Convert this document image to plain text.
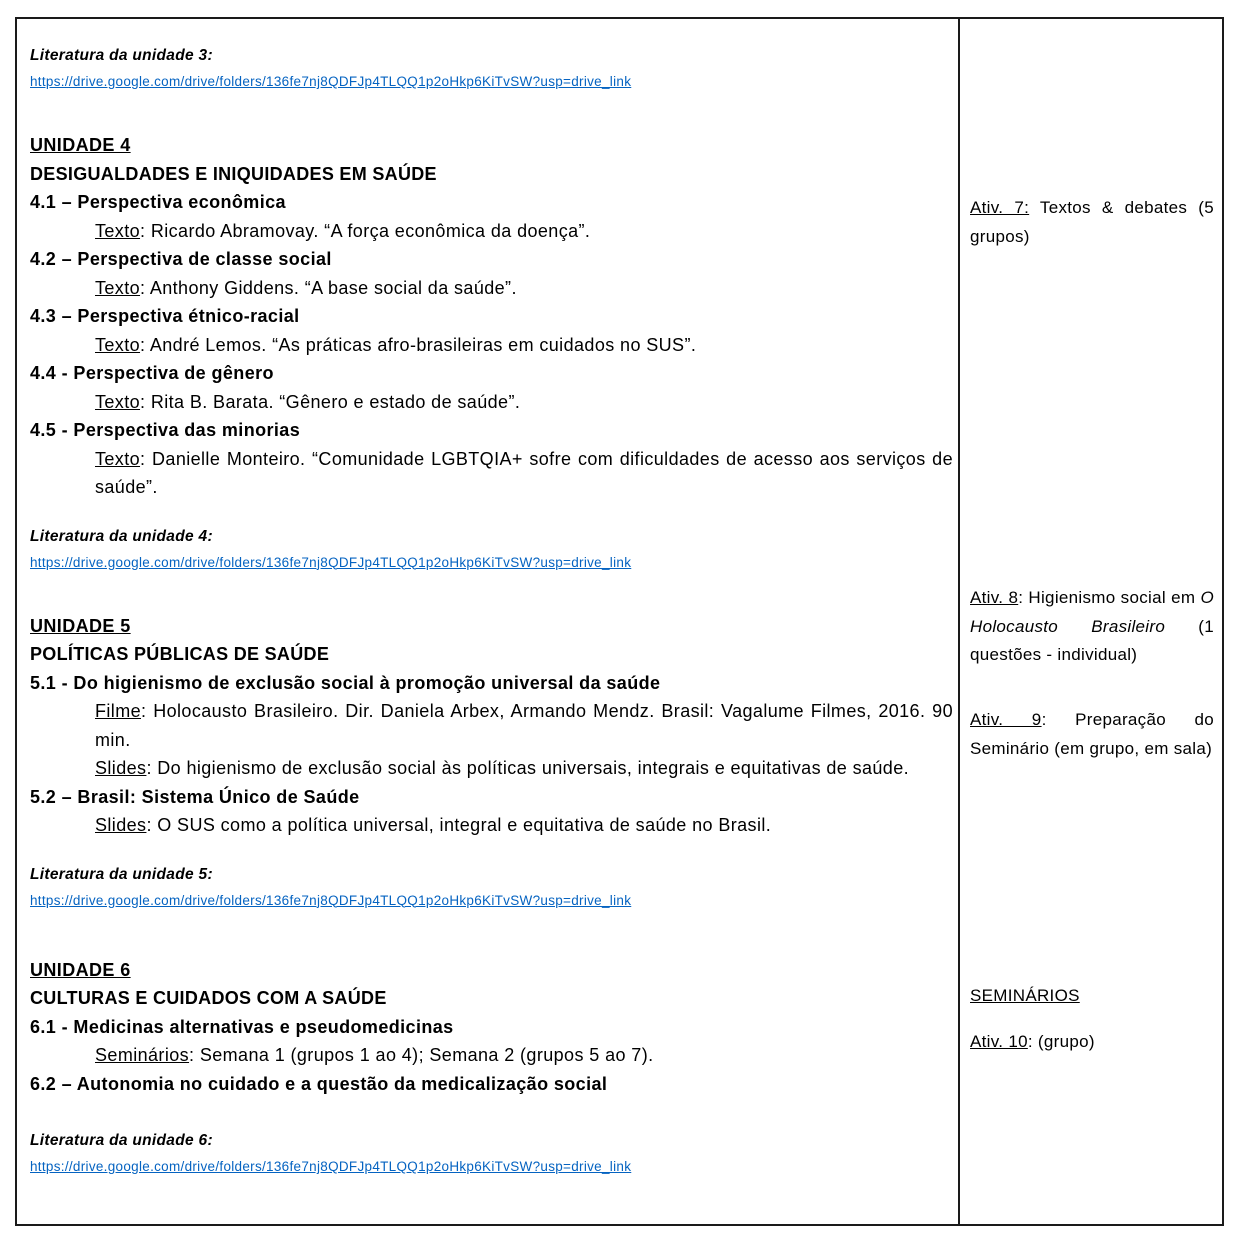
Literatura da unidade 3:

https://drive.google.com/drive/folders/136fe7nj8QDFJp4TLQQ1p2oHkp6KiTvSW?usp=drive_link

UNIDADE 4

DESIGUALDADES E INIQUIDADES EM SAÚDE

4.1 – Perspectiva econômica

Texto: Ricardo Abramovay. “A força econômica da doença”.

4.2 – Perspectiva de classe social

Texto: Anthony Giddens. “A base social da saúde”.

4.3 – Perspectiva étnico-racial

Texto: André Lemos. “As práticas afro-brasileiras em cuidados no SUS”.

4.4 - Perspectiva de gênero

Texto: Rita B. Barata. “Gênero e estado de saúde”.

4.5 - Perspectiva das minorias

Texto: Danielle Monteiro. “Comunidade LGBTQIA+ sofre com dificuldades de acesso aos serviços de saúde”.

Literatura da unidade 4:

https://drive.google.com/drive/folders/136fe7nj8QDFJp4TLQQ1p2oHkp6KiTvSW?usp=drive_link

UNIDADE 5

POLÍTICAS PÚBLICAS DE SAÚDE

5.1 - Do higienismo de exclusão social à promoção universal da saúde

Filme: Holocausto Brasileiro. Dir. Daniela Arbex, Armando Mendz. Brasil: Vagalume Filmes, 2016. 90 min.

Slides: Do higienismo de exclusão social às políticas universais, integrais e equitativas de saúde.

5.2 – Brasil: Sistema Único de Saúde

Slides: O SUS como a política universal, integral e equitativa de saúde no Brasil.

Literatura da unidade 5:

https://drive.google.com/drive/folders/136fe7nj8QDFJp4TLQQ1p2oHkp6KiTvSW?usp=drive_link

UNIDADE 6

CULTURAS E CUIDADOS COM A SAÚDE

6.1 - Medicinas alternativas e pseudomedicinas

Seminários: Semana 1 (grupos 1 ao 4); Semana 2 (grupos 5 ao 7).

6.2 – Autonomia no cuidado e a questão da medicalização social

Literatura da unidade 6:

https://drive.google.com/drive/folders/136fe7nj8QDFJp4TLQQ1p2oHkp6KiTvSW?usp=drive_link

Ativ. 7: Textos & debates (5 grupos)

Ativ. 8: Higienismo social em O Holocausto Brasileiro (1 questões - individual)

Ativ. 9: Preparação do Seminário (em grupo, em sala)

SEMINÁRIOS

Ativ. 10: (grupo)
